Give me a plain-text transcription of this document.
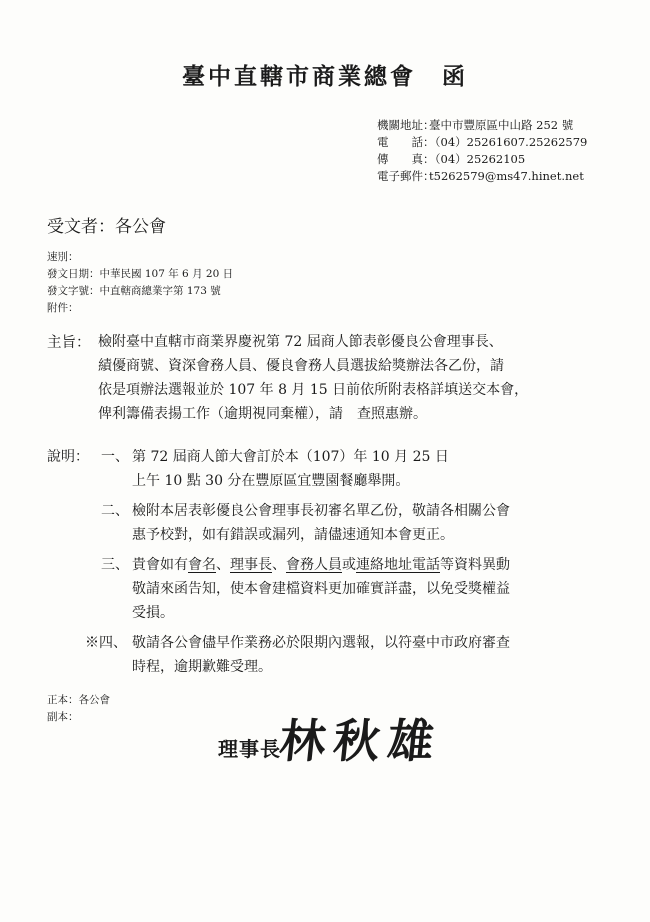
臺中直轄市商業總會 函
機關地址：臺中市豐原區中山路 252 號
電　　話：（04）25261607.25262579
傳　　真：（04）25262105
電子郵件：t5262579@ms47.hinet.net
受文者：各公會
速別：
發文日期：中華民國 107 年 6 月 20 日
發文字號：中直轄商總業字第 173 號
附件：
主旨： 檢附臺中直轄市商業界慶祝第 72 屆商人節表彰優良公會理事長、
績優商號、資深會務人員、優良會務人員選拔給獎辦法各乙份，請
依是項辦法選報並於 107 年 8 月 15 日前依所附表格詳填送交本會，
俾利籌備表揚工作（逾期視同棄權），請　查照惠辦。
說明： 一、 第 72 屆商人節大會訂於本（107）年 10 月 25 日
上午 10 點 30 分在豐原區宜豐園餐廳舉開。
二、 檢附本居表彰優良公會理事長初審名單乙份，敬請各相關公會
惠予校對，如有錯誤或漏列，請儘速通知本會更正。
三、 貴會如有會名、理事長、會務人員或連絡地址電話等資料異動
敬請來函告知，使本會建檔資料更加確實詳盡，以免受獎權益
受損。
※四、 敬請各公會儘早作業務必於限期內選報，以符臺中市政府審查
時程，逾期歉難受理。
正本：各公會
副本：
理事長
林秋雄
